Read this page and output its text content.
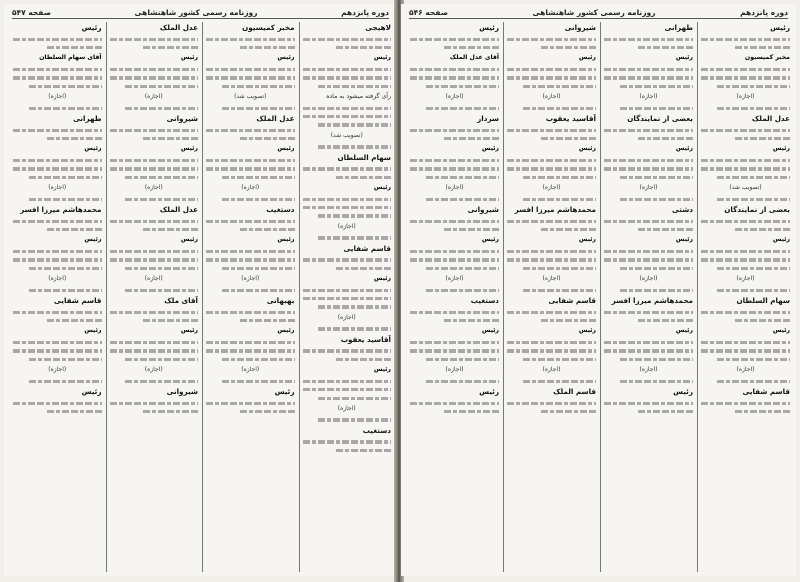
دوره پانزدهم
روزنامه رسمی کشور شاهنشاهی
صفحه ۵۴۷
لاهیجی
رئیس
رأی گرفته میشود به ماده
(تصویب شد)
سهام السلطان
رئیس
(اجازه)
قاسم شفایی
رئیس
(اجازه)
آقاسید یعقوب
رئیس
(اجازه)
دستغیب
مخبر کمیسیون
رئیس
(تصویب شد)
عدل الملک
رئیس
(اجازه)
دستغیب
رئیس
(اجازه)
بهبهانی
رئیس
(اجازه)
رئیس
عدل الملک
رئیس
(اجازه)
شیروانی
رئیس
(اجازه)
عدل الملک
رئیس
(اجازه)
آقای ملک
رئیس
(اجازه)
شیروانی
رئیس
آقای سهام السلطان
(اجازه)
طهرانی
رئیس
(اجازه)
محمدهاشم میرزا افسر
رئیس
(اجازه)
قاسم شفایی
رئیس
(اجازه)
رئیس
دوره پانزدهم
روزنامه رسمی کشور شاهنشاهی
صفحه ۵۴۶
رئیس
مخبر کمیسیون
(اجازه)
عدل الملک
رئیس
(تصویب شد)
بعضی از نمایندگان
رئیس
(اجازه)
سهام السلطان
رئیس
(اجازه)
قاسم شفایی
طهرانی
رئیس
(اجازه)
بعضی از نمایندگان
رئیس
(اجازه)
دشتی
رئیس
(اجازه)
محمدهاشم میرزا افسر
رئیس
(اجازه)
رئیس
شیروانی
رئیس
(اجازه)
آقاسید یعقوب
رئیس
(اجازه)
محمدهاشم میرزا افسر
رئیس
(اجازه)
قاسم شفایی
رئیس
(اجازه)
قاسم الملک
رئیس
آقای عدل الملک
(اجازه)
سردار
رئیس
(اجازه)
شیروانی
رئیس
(اجازه)
دستغیب
رئیس
(اجازه)
رئیس
